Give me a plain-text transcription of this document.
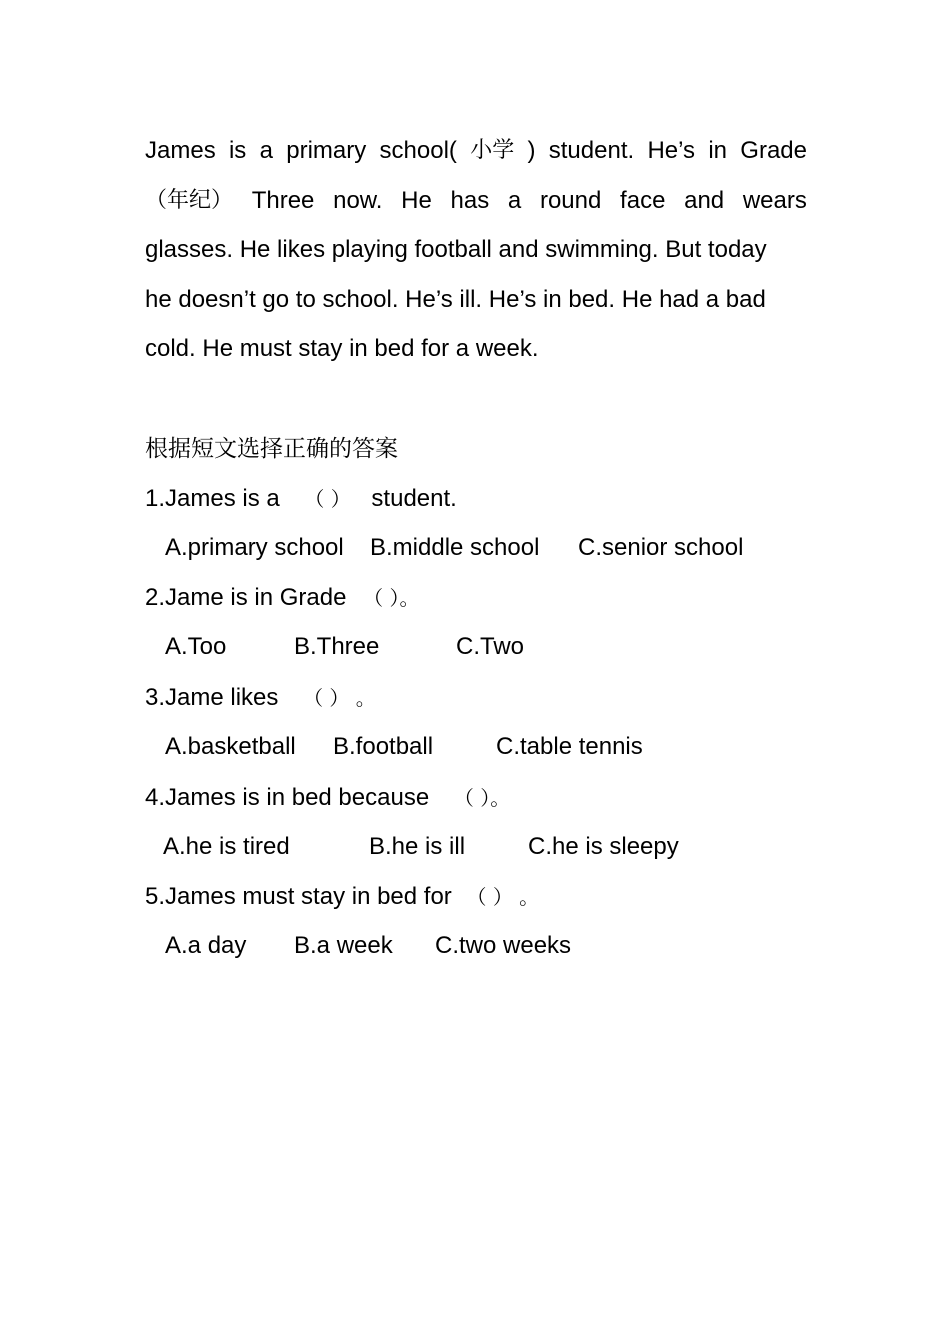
James is a primary school( 小学 ) student. He’s in Grade
（年纪） Three now. He has a round face and wears
glasses. He likes playing football and swimming. But today
he doesn’t go to school. He’s ill. He’s in bed. He had a bad
cold. He must stay in bed for a week.
根据短文选择正确的答案
1.James is a （ ） student.
A.primary school B.middle school C.senior school
2.Jame is in Grade （ ）。
A.Too	B.Three	C.Two
3.Jame likes （ ） 。
A.basketball B.football	C.table tennis
4.James is in bed because （ ）。
A.he is tired	B.he is ill	C.he is sleepy
5.James must stay in bed for （ ） 。
A.a day B.a week C.two weeks
